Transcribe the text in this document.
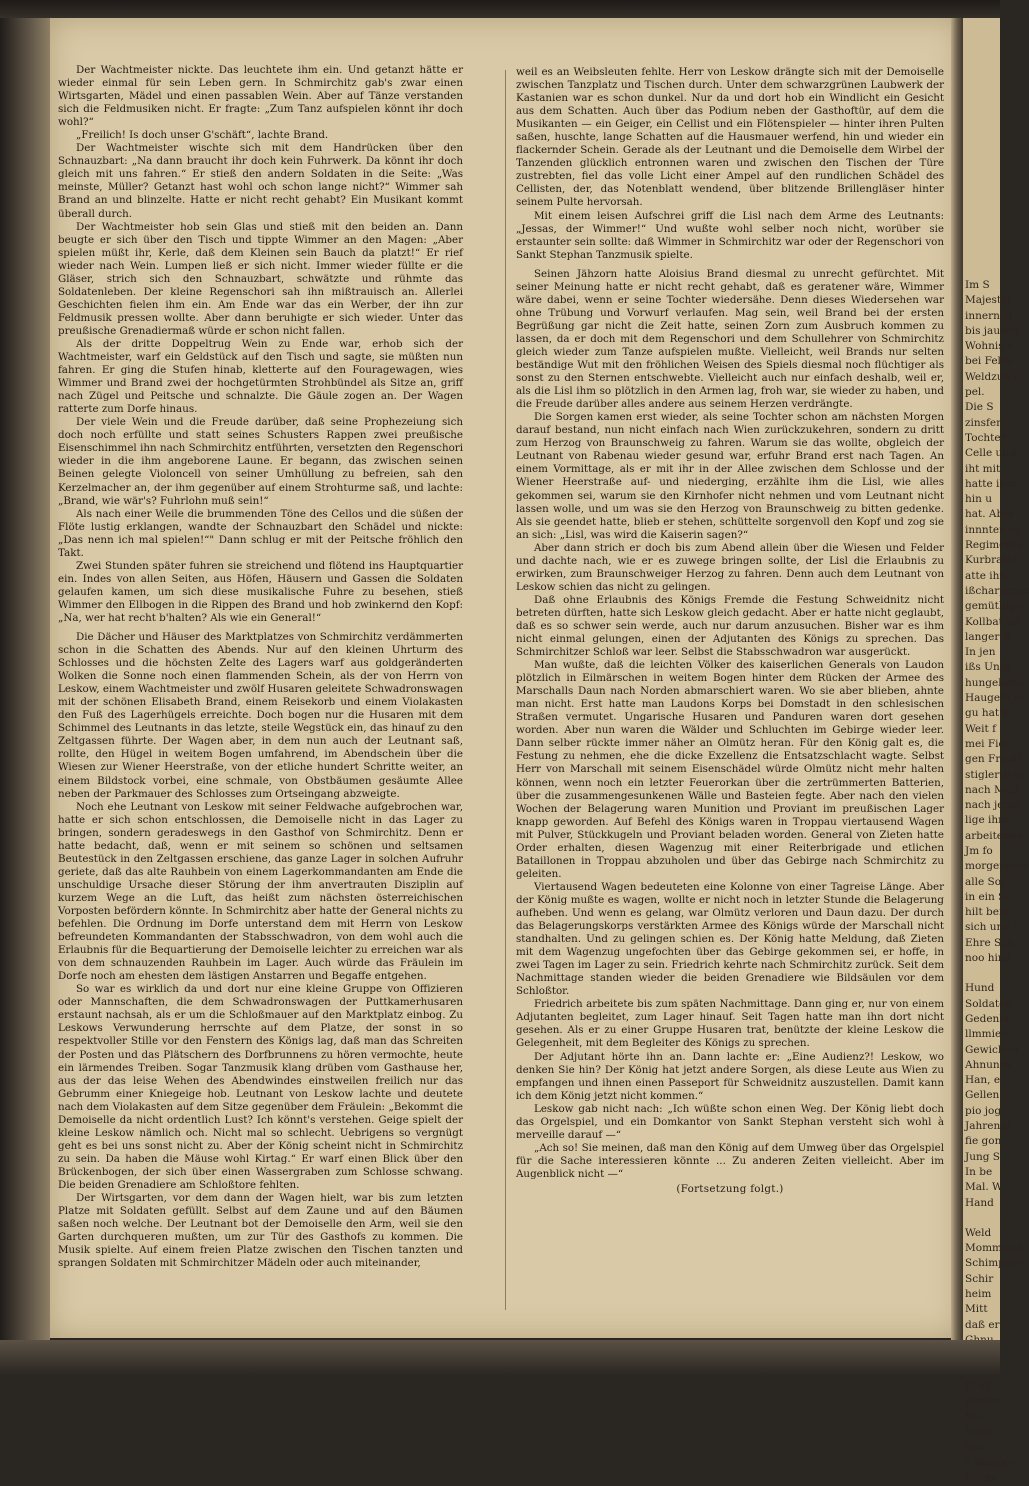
Der Wachtmeister nickte. Das leuchtete ihm ein. Und getanzt hätte er wieder einmal für sein Leben gern. In Schmirchitz gab's zwar einen Wirtsgarten, Mädel und einen passablen Wein. Aber auf Tänze verstanden sich die Feldmusiken nicht. Er fragte: „Zum Tanz aufspielen könnt ihr doch wohl?“

„Freilich! Is doch unser G'schäft“, lachte Brand.

Der Wachtmeister wischte sich mit dem Handrücken über den Schnauzbart: „Na dann braucht ihr doch kein Fuhrwerk. Da könnt ihr doch gleich mit uns fahren.“ Er stieß den andern Soldaten in die Seite: „Was meinste, Müller? Getanzt hast wohl och schon lange nicht?“ Wimmer sah Brand an und blinzelte. Hatte er nicht recht gehabt? Ein Musikant kommt überall durch.

Der Wachtmeister hob sein Glas und stieß mit den beiden an. Dann beugte er sich über den Tisch und tippte Wimmer an den Magen: „Aber spielen müßt ihr, Kerle, daß dem Kleinen sein Bauch da platzt!“ Er rief wieder nach Wein. Lumpen ließ er sich nicht. Immer wieder füllte er die Gläser, strich sich den Schnauzbart, schwätzte und rühmte das Soldatenleben. Der kleine Regenschori sah ihn mißtrauisch an. Allerlei Geschichten fielen ihm ein. Am Ende war das ein Werber, der ihn zur Feldmusik pressen wollte. Aber dann beruhigte er sich wieder. Unter das preußische Grenadiermaß würde er schon nicht fallen.

Als der dritte Doppeltrug Wein zu Ende war, erhob sich der Wachtmeister, warf ein Geldstück auf den Tisch und sagte, sie müßten nun fahren. Er ging die Stufen hinab, kletterte auf den Fouragewagen, wies Wimmer und Brand zwei der hochgetürmten Strohbündel als Sitze an, griff nach Zügel und Peitsche und schnalzte. Die Gäule zogen an. Der Wagen ratterte zum Dorfe hinaus.

Der viele Wein und die Freude darüber, daß seine Prophezeiung sich doch noch erfüllte und statt seines Schusters Rappen zwei preußische Eisenschimmel ihn nach Schmirchitz entführten, versetzten den Regenschori wieder in die ihm angeborene Laune. Er begann, das zwischen seinen Beinen gelegte Violoncell von seiner Umhüllung zu befreien, sah den Kerzelmacher an, der ihm gegenüber auf einem Strohturme saß, und lachte: „Brand, wie wär's? Fuhrlohn muß sein!“

Als nach einer Weile die brummenden Töne des Cellos und die süßen der Flöte lustig erklangen, wandte der Schnauzbart den Schädel und nickte: „Das nenn ich mal spielen!“" Dann schlug er mit der Peitsche fröhlich den Takt.

Zwei Stunden später fuhren sie streichend und flötend ins Hauptquartier ein. Indes von allen Seiten, aus Höfen, Häusern und Gassen die Soldaten gelaufen kamen, um sich diese musikalische Fuhre zu besehen, stieß Wimmer den Ellbogen in die Rippen des Brand und hob zwinkernd den Kopf: „Na, wer hat recht b'halten? Als wie ein General!“

Die Dächer und Häuser des Marktplatzes von Schmirchitz verdämmerten schon in die Schatten des Abends. Nur auf den kleinen Uhrturm des Schlosses und die höchsten Zelte des Lagers warf aus goldgeränderten Wolken die Sonne noch einen flammenden Schein, als der von Herrn von Leskow, einem Wachtmeister und zwölf Husaren geleitete Schwadronswagen mit der schönen Elisabeth Brand, einem Reisekorb und einem Violakasten den Fuß des Lagerhügels erreichte. Doch bogen nur die Husaren mit dem Schimmel des Leutnants in das letzte, steile Wegstück ein, das hinauf zu den Zeltgassen führte. Der Wagen aber, in dem nun auch der Leutnant saß, rollte, den Hügel in weitem Bogen umfahrend, im Abendschein über die Wiesen zur Wiener Heerstraße, von der etliche hundert Schritte weiter, an einem Bildstock vorbei, eine schmale, von Obstbäumen gesäumte Allee neben der Parkmauer des Schlosses zum Ortseingang abzweigte.

Noch ehe Leutnant von Leskow mit seiner Feldwache aufgebrochen war, hatte er sich schon entschlossen, die Demoiselle nicht in das Lager zu bringen, sondern geradeswegs in den Gasthof von Schmirchitz. Denn er hatte bedacht, daß, wenn er mit seinem so schönen und seltsamen Beutestück in den Zeltgassen erschiene, das ganze Lager in solchen Aufruhr geriete, daß das alte Rauhbein von einem Lagerkommandanten am Ende die unschuldige Ursache dieser Störung der ihm anvertrauten Disziplin auf kurzem Wege an die Luft, das heißt zum nächsten österreichischen Vorposten befördern könnte. In Schmirchitz aber hatte der General nichts zu befehlen. Die Ordnung im Dorfe unterstand dem mit Herrn von Leskow befreundeten Kommandanten der Stabsschwadron, von dem wohl auch die Erlaubnis für die Bequartierung der Demoiselle leichter zu erreichen war als von dem schnauzenden Rauhbein im Lager. Auch würde das Fräulein im Dorfe noch am ehesten dem lästigen Anstarren und Begaffe entgehen.

So war es wirklich da und dort nur eine kleine Gruppe von Offizieren oder Mannschaften, die dem Schwadronswagen der Puttkamerhusaren erstaunt nachsah, als er um die Schloßmauer auf den Marktplatz einbog. Zu Leskows Verwunderung herrschte auf dem Platze, der sonst in so respektvoller Stille vor den Fenstern des Königs lag, daß man das Schreiten der Posten und das Plätschern des Dorfbrunnens zu hören vermochte, heute ein lärmendes Treiben. Sogar Tanzmusik klang drüben vom Gasthause her, aus der das leise Wehen des Abendwindes einstweilen freilich nur das Gebrumm einer Kniegeige hob. Leutnant von Leskow lachte und deutete nach dem Violakasten auf dem Sitze gegenüber dem Fräulein: „Bekommt die Demoiselle da nicht ordentlich Lust? Ich könnt's verstehen. Geige spielt der kleine Leskow nämlich och. Nicht mal so schlecht. Uebrigens so vergnügt geht es bei uns sonst nicht zu. Aber der König scheint nicht in Schmirchitz zu sein. Da haben die Mäuse wohl Kirtag.“ Er warf einen Blick über den Brückenbogen, der sich über einen Wassergraben zum Schlosse schwang. Die beiden Grenadiere am Schloßtore fehlten.

Der Wirtsgarten, vor dem dann der Wagen hielt, war bis zum letzten Platze mit Soldaten gefüllt. Selbst auf dem Zaune und auf den Bäumen saßen noch welche. Der Leutnant bot der Demoiselle den Arm, weil sie den Garten durchqueren mußten, um zur Tür des Gasthofs zu kommen. Die Musik spielte. Auf einem freien Platze zwischen den Tischen tanzten und sprangen Soldaten mit Schmirchitzer Mädeln oder auch miteinander,

weil es an Weibsleuten fehlte. Herr von Leskow drängte sich mit der Demoiselle zwischen Tanzplatz und Tischen durch. Unter dem schwarzgrünen Laubwerk der Kastanien war es schon dunkel. Nur da und dort hob ein Windlicht ein Gesicht aus dem Schatten. Auch über das Podium neben der Gasthoftür, auf dem die Musikanten — ein Geiger, ein Cellist und ein Flötenspieler — hinter ihren Pulten saßen, huschte, lange Schatten auf die Hausmauer werfend, hin und wieder ein flackernder Schein. Gerade als der Leutnant und die Demoiselle dem Wirbel der Tanzenden glücklich entronnen waren und zwischen den Tischen der Türe zustrebten, fiel das volle Licht einer Ampel auf den rundlichen Schädel des Cellisten, der, das Notenblatt wendend, über blitzende Brillengläser hinter seinem Pulte hervorsah.

Mit einem leisen Aufschrei griff die Lisl nach dem Arme des Leutnants: „Jessas, der Wimmer!“ Und wußte wohl selber noch nicht, worüber sie erstaunter sein sollte: daß Wimmer in Schmirchitz war oder der Regenschori von Sankt Stephan Tanzmusik spielte.

Seinen Jähzorn hatte Aloisius Brand diesmal zu unrecht gefürchtet. Mit seiner Meinung hatte er nicht recht gehabt, daß es geratener wäre, Wimmer wäre dabei, wenn er seine Tochter wiedersähe. Denn dieses Wiedersehen war ohne Trübung und Vorwurf verlaufen. Mag sein, weil Brand bei der ersten Begrüßung gar nicht die Zeit hatte, seinen Zorn zum Ausbruch kommen zu lassen, da er doch mit dem Regenschori und dem Schullehrer von Schmirchitz gleich wieder zum Tanze aufspielen mußte. Vielleicht, weil Brands nur selten beständige Wut mit den fröhlichen Weisen des Spiels diesmal noch flüchtiger als sonst zu den Sternen entschwebte. Vielleicht auch nur einfach deshalb, weil er, als die Lisl ihm so plötzlich in den Armen lag, froh war, sie wieder zu haben, und die Freude darüber alles andere aus seinem Herzen verdrängte.

Die Sorgen kamen erst wieder, als seine Tochter schon am nächsten Morgen darauf bestand, nun nicht einfach nach Wien zurückzukehren, sondern zu dritt zum Herzog von Braunschweig zu fahren. Warum sie das wollte, obgleich der Leutnant von Rabenau wieder gesund war, erfuhr Brand erst nach Tagen. An einem Vormittage, als er mit ihr in der Allee zwischen dem Schlosse und der Wiener Heerstraße auf- und niederging, erzählte ihm die Lisl, wie alles gekommen sei, warum sie den Kirnhofer nicht nehmen und vom Leutnant nicht lassen wolle, und um was sie den Herzog von Braunschweig zu bitten gedenke. Als sie geendet hatte, blieb er stehen, schüttelte sorgenvoll den Kopf und zog sie an sich: „Lisl, was wird die Kaiserin sagen?“

Aber dann strich er doch bis zum Abend allein über die Wiesen und Felder und dachte nach, wie er es zuwege bringen sollte, der Lisl die Erlaubnis zu erwirken, zum Braunschweiger Herzog zu fahren. Denn auch dem Leutnant von Leskow schien das nicht zu gelingen.

Daß ohne Erlaubnis des Königs Fremde die Festung Schweidnitz nicht betreten dürften, hatte sich Leskow gleich gedacht. Aber er hatte nicht geglaubt, daß es so schwer sein werde, auch nur darum anzusuchen. Bisher war es ihm nicht einmal gelungen, einen der Adjutanten des Königs zu sprechen. Das Schmirchitzer Schloß war leer. Selbst die Stabsschwadron war ausgerückt.

Man wußte, daß die leichten Völker des kaiserlichen Generals von Laudon plötzlich in Eilmärschen in weitem Bogen hinter dem Rücken der Armee des Marschalls Daun nach Norden abmarschiert waren. Wo sie aber blieben, ahnte man nicht. Erst hatte man Laudons Korps bei Domstadt in den schlesischen Straßen vermutet. Ungarische Husaren und Panduren waren dort gesehen worden. Aber nun waren die Wälder und Schluchten im Gebirge wieder leer. Dann selber rückte immer näher an Olmütz heran. Für den König galt es, die Festung zu nehmen, ehe die dicke Exzellenz die Entsatzschlacht wagte. Selbst Herr von Marschall mit seinem Eisenschädel würde Olmütz nicht mehr halten können, wenn noch ein letzter Feuerorkan über die zertrümmerten Batterien, über die zusammengesunkenen Wälle und Basteien fegte. Aber nach den vielen Wochen der Belagerung waren Munition und Proviant im preußischen Lager knapp geworden. Auf Befehl des Königs waren in Troppau viertausend Wagen mit Pulver, Stückkugeln und Proviant beladen worden. General von Zieten hatte Order erhalten, diesen Wagenzug mit einer Reiterbrigade und etlichen Bataillonen in Troppau abzuholen und über das Gebirge nach Schmirchitz zu geleiten.

Viertausend Wagen bedeuteten eine Kolonne von einer Tagreise Länge. Aber der König mußte es wagen, wollte er nicht noch in letzter Stunde die Belagerung aufheben. Und wenn es gelang, war Olmütz verloren und Daun dazu. Der durch das Belagerungskorps verstärkten Armee des Königs würde der Marschall nicht standhalten. Und zu gelingen schien es. Der König hatte Meldung, daß Zieten mit dem Wagenzug ungefochten über das Gebirge gekommen sei, er hoffe, in zwei Tagen im Lager zu sein. Friedrich kehrte nach Schmirchitz zurück. Seit dem Nachmittage standen wieder die beiden Grenadiere wie Bildsäulen vor dem Schloßtor.

Friedrich arbeitete bis zum späten Nachmittage. Dann ging er, nur von einem Adjutanten begleitet, zum Lager hinauf. Seit Tagen hatte man ihn dort nicht gesehen. Als er zu einer Gruppe Husaren trat, benützte der kleine Leskow die Gelegenheit, mit dem Begleiter des Königs zu sprechen.

Der Adjutant hörte ihn an. Dann lachte er: „Eine Audienz?! Leskow, wo denken Sie hin? Der König hat jetzt andere Sorgen, als diese Leute aus Wien zu empfangen und ihnen einen Passeport für Schweidnitz auszustellen. Damit kann ich dem König jetzt nicht kommen.“

Leskow gab nicht nach: „Ich wüßte schon einen Weg. Der König liebt doch das Orgelspiel, und ein Domkantor von Sankt Stephan versteht sich wohl à merveille darauf —“

„Ach so! Sie meinen, daß man den König auf dem Umweg über das Orgelspiel für die Sache interessieren könnte ... Zu anderen Zeiten vielleicht. Aber im Augenblick nicht —“

(Fortsetzung folgt.)

Im S
Majestät
innern H
bis jausen
Wohnis n
bei Felde
Weldzug e
pel.
Die S
zinsfen
Tochter
Celle und
iht mit
hatte ihm
hin u
hat. Aber
innnten in
Regiments
Kurbraths
atte ihn
ißcharpente
gemüthiger
Kollbat un
langer B
In jen
ißs Ungl
hungebens
Haugeln ar
gu hat p
Weit f
mei Fiel
gen Friedr
stiglerte an
nach MeB
nach jeme
lige ihm
arbeitende
Jm fo
morgenmen
alle Sol
in ein S
hilt befo
sich und
Ehre Sch
noo hina
Hund
Soldaten
Gedenkt
llmmiec
Gewichter
Ahnungs
Han, ei
Gellen
pio jog
Jahrendi
fie gon
Jung S
In be
Mal. W
Hand
Weld
Mommond
Schimpore
Schir
heim
Mitt
daß er
fil ift
Kurier
bis
Noch
mir.
Allmarjch
Kriebi
